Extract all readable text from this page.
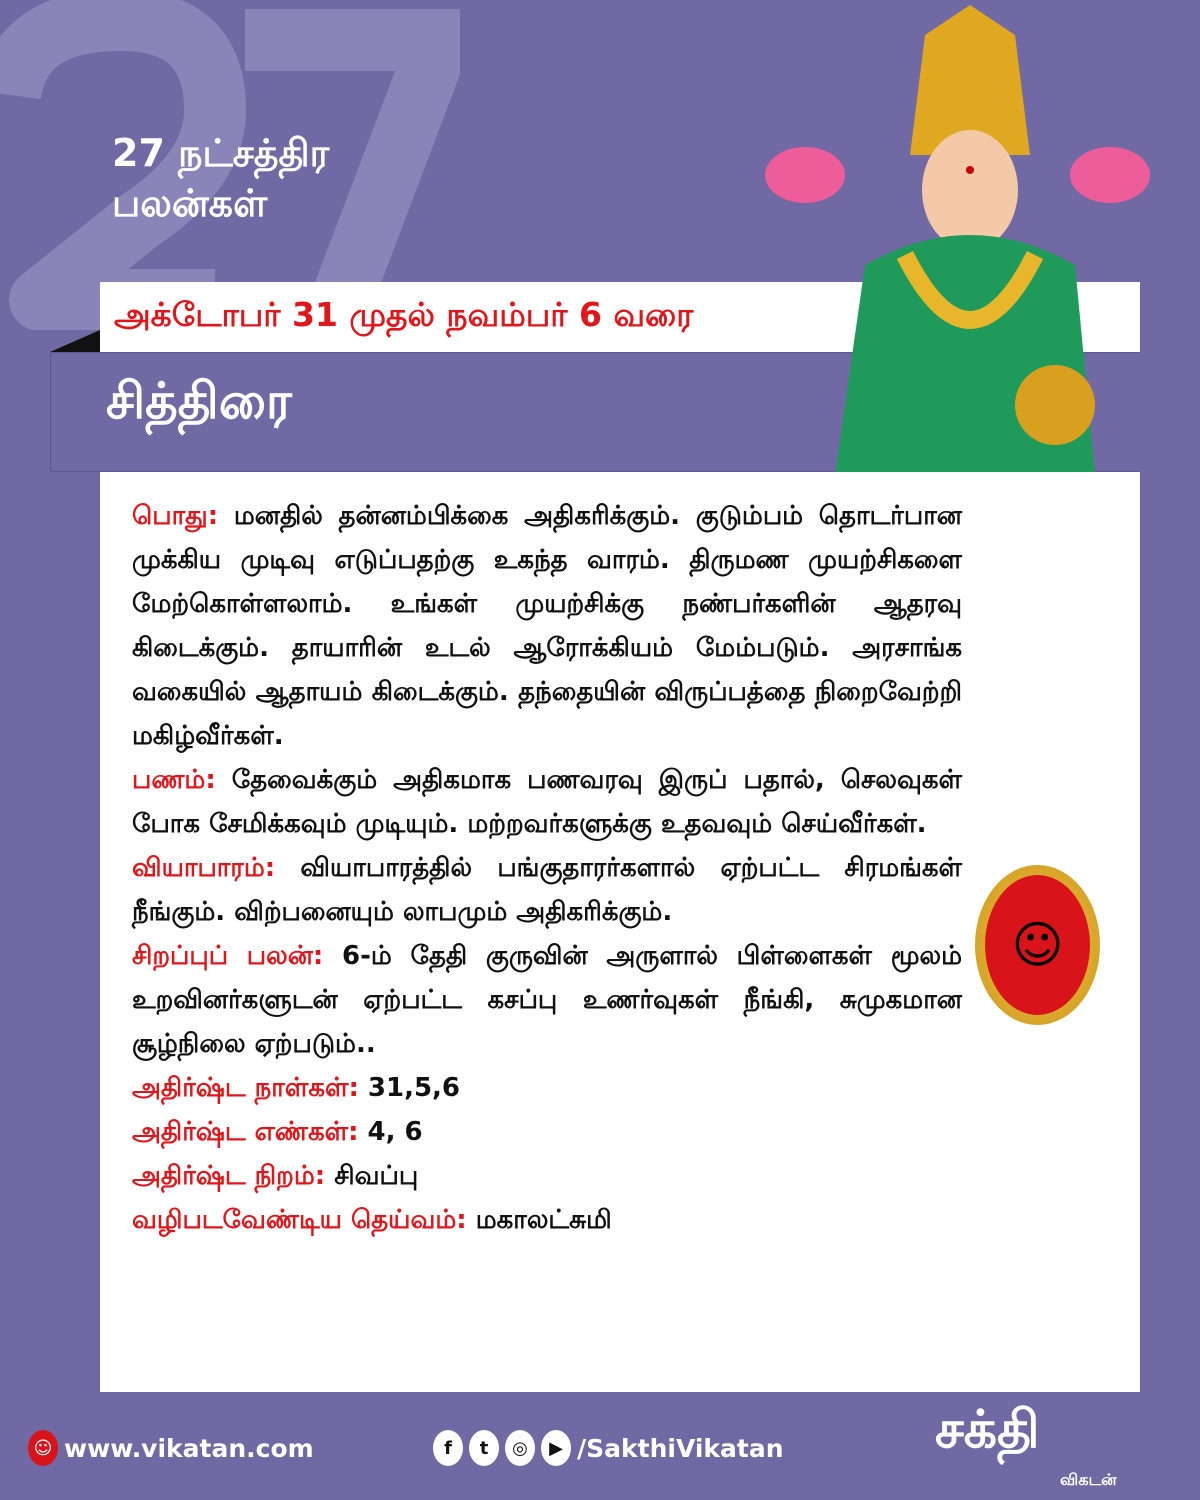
27 நட்சத்திர பலன்கள்
அக்டோபர் 31 முதல் நவம்பர் 6 வரை
சித்திரை
பொது: மனதில் தன்னம்பிக்கை அதிகரிக்கும். குடும்பம் தொடர்பான முக்கிய முடிவு எடுப்பதற்கு உகந்த வாரம். திருமண முயற்சிகளை மேற்கொள்ளலாம். உங்கள் முயற்சிக்கு நண்பர்களின் ஆதரவு கிடைக்கும். தாயாரின் உடல் ஆரோக்கியம் மேம்படும். அரசாங்க வகையில் ஆதாயம் கிடைக்கும். தந்தையின் விருப்பத்தை நிறைவேற்றி மகிழ்வீர்கள்.
பணம்: தேவைக்கும் அதிகமாக பணவரவு இருப் பதால், செலவுகள் போக சேமிக்கவும் முடியும். மற்றவர்களுக்கு உதவவும் செய்வீர்கள்.
வியாபாரம்: வியாபாரத்தில் பங்குதாரர்களால் ஏற்பட்ட சிரமங்கள் நீங்கும். விற்பனையும் லாபமும் அதிகரிக்கும்.
சிறப்புப் பலன்: 6-ம் தேதி குருவின் அருளால் பிள்ளைகள் மூலம் உறவினர்களுடன் ஏற்பட்ட கசப்பு உணர்வுகள் நீங்கி, சுமுகமான சூழ்நிலை ஏற்படும்..
அதிர்ஷ்ட நாள்கள்: 31,5,6
அதிர்ஷ்ட எண்கள்: 4, 6
அதிர்ஷ்ட நிறம்: சிவப்பு
வழிபடவேண்டிய தெய்வம்: மகாலட்சுமி
☺
☺ www.vikatan.com	f	t	◎	▶ /SakthiVikatan	சக்தி
விகடன்
